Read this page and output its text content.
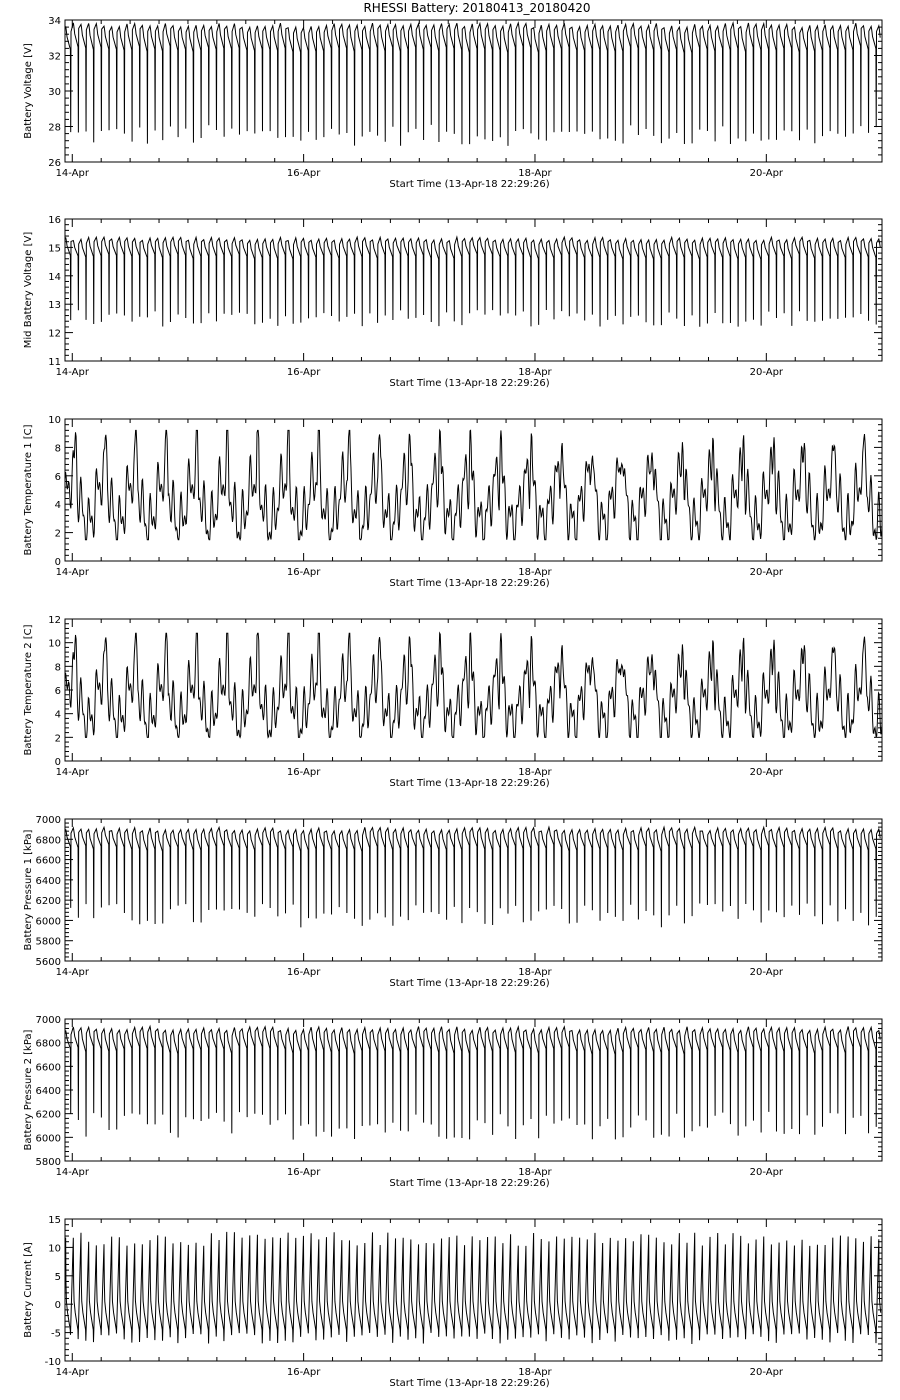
RHESSI Battery: 20180413_20180420
26
28
30
32
34
14-Apr	16-Apr	18-Apr	20-Apr
Start Time (13-Apr-18 22:29:26)
Battery Voltage [V]
11
12
13
14
15
16
14-Apr	16-Apr	18-Apr	20-Apr
Start Time (13-Apr-18 22:29:26)
Mid Battery Voltage [V]
0
2
4
6
8
10
14-Apr	16-Apr	18-Apr	20-Apr
Start Time (13-Apr-18 22:29:26)
Battery Temperature 1 [C]
0
2
4
6
8
10
12
14-Apr	16-Apr	18-Apr	20-Apr
Start Time (13-Apr-18 22:29:26)
Battery Temperature 2 [C]
5600
5800
6000
6200
6400
6600
6800
7000
14-Apr	16-Apr	18-Apr	20-Apr
Start Time (13-Apr-18 22:29:26)
Battery Pressure 1 [kPa]
5800
6000
6200
6400
6600
6800
7000
14-Apr	16-Apr	18-Apr	20-Apr
Start Time (13-Apr-18 22:29:26)
Battery Pressure 2 [kPa]
-10
-5
0
5
10
15
14-Apr	16-Apr	18-Apr	20-Apr
Start Time (13-Apr-18 22:29:26)
Battery Current [A]
